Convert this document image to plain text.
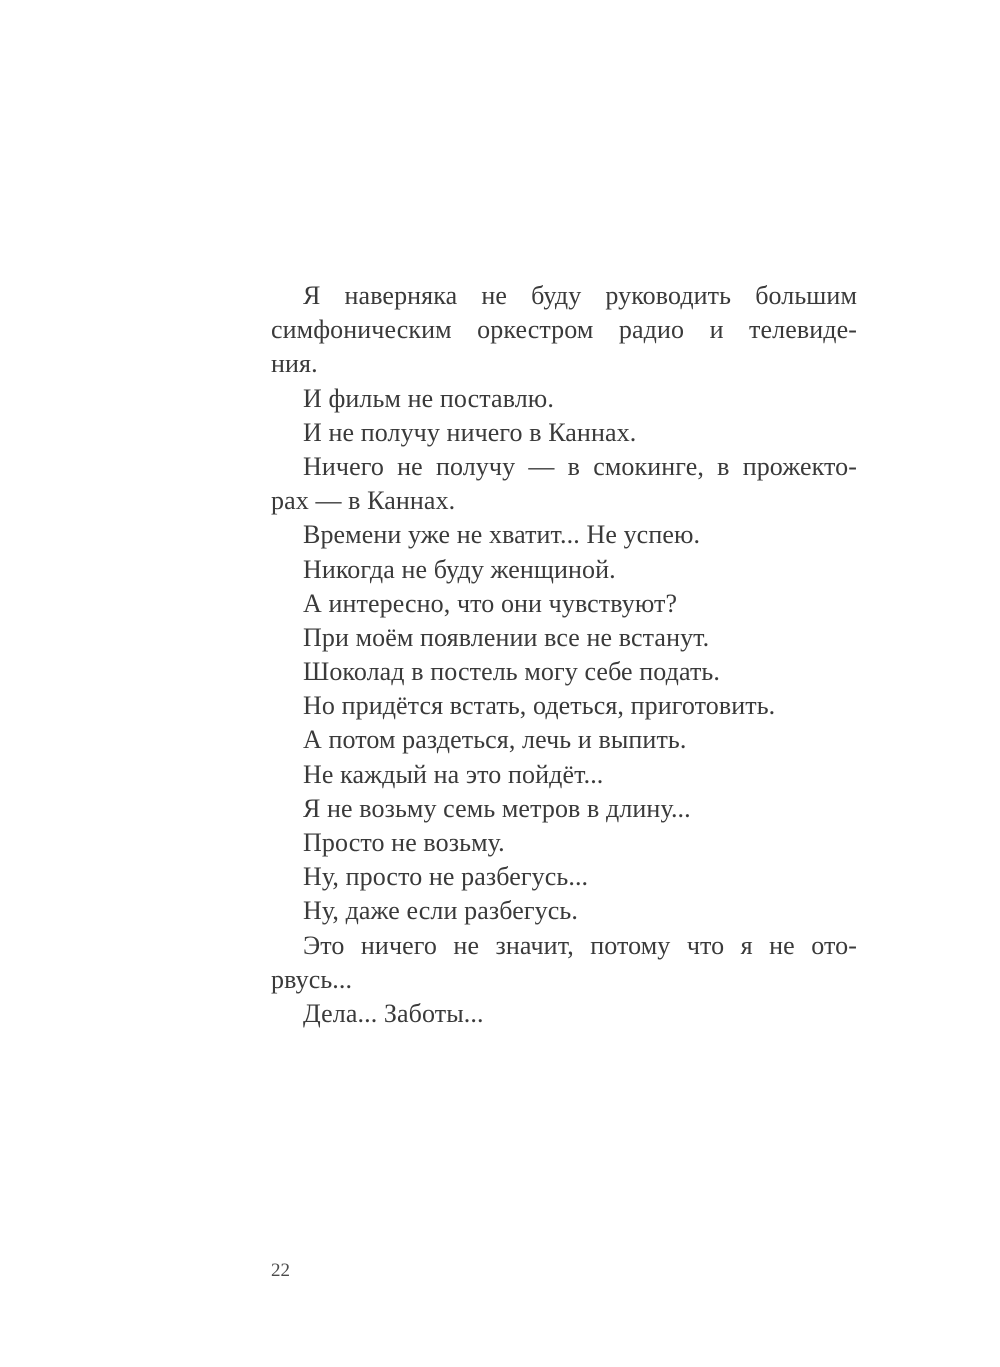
Я наверняка не буду руководить большим
симфоническим оркестром радио и телевиде-
ния.
И фильм не поставлю.
И не получу ничего в Каннах.
Ничего не получу — в смокинге, в прожекто-
рах — в Каннах.
Времени уже не хватит... Не успею.
Никогда не буду женщиной.
А интересно, что они чувствуют?
При моём появлении все не встанут.
Шоколад в постель могу себе подать.
Но придётся встать, одеться, приготовить.
А потом раздеться, лечь и выпить.
Не каждый на это пойдёт...
Я не возьму семь метров в длину...
Просто не возьму.
Ну, просто не разбегусь...
Ну, даже если разбегусь.
Это ничего не значит, потому что я не ото-
рвусь...
Дела... Заботы...
22
